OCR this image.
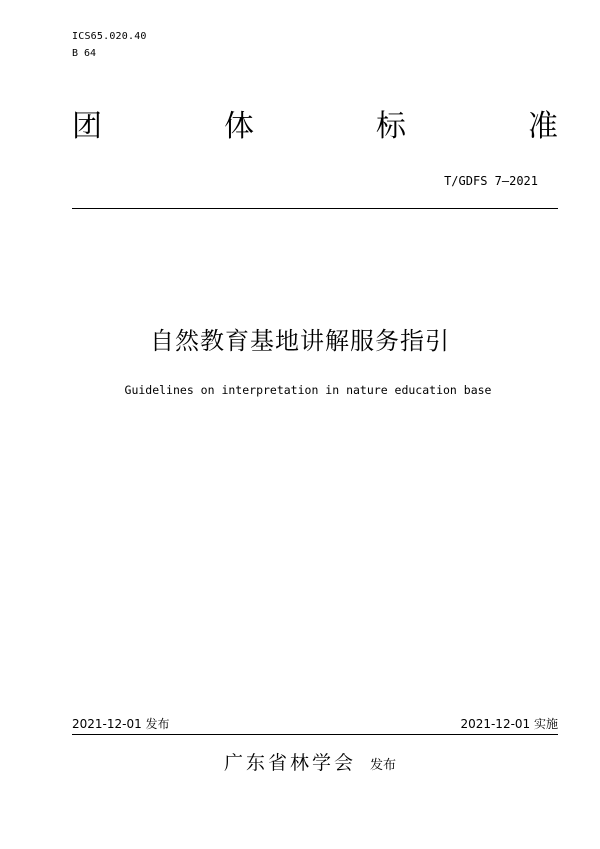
ICS65.020.40
B 64
团	体	标	准
T/GDFS 7—2021
自然教育基地讲解服务指引
Guidelines on interpretation in nature education base
2021-12-01 发布	2021-12-01 实施
广东省林学会 发布
